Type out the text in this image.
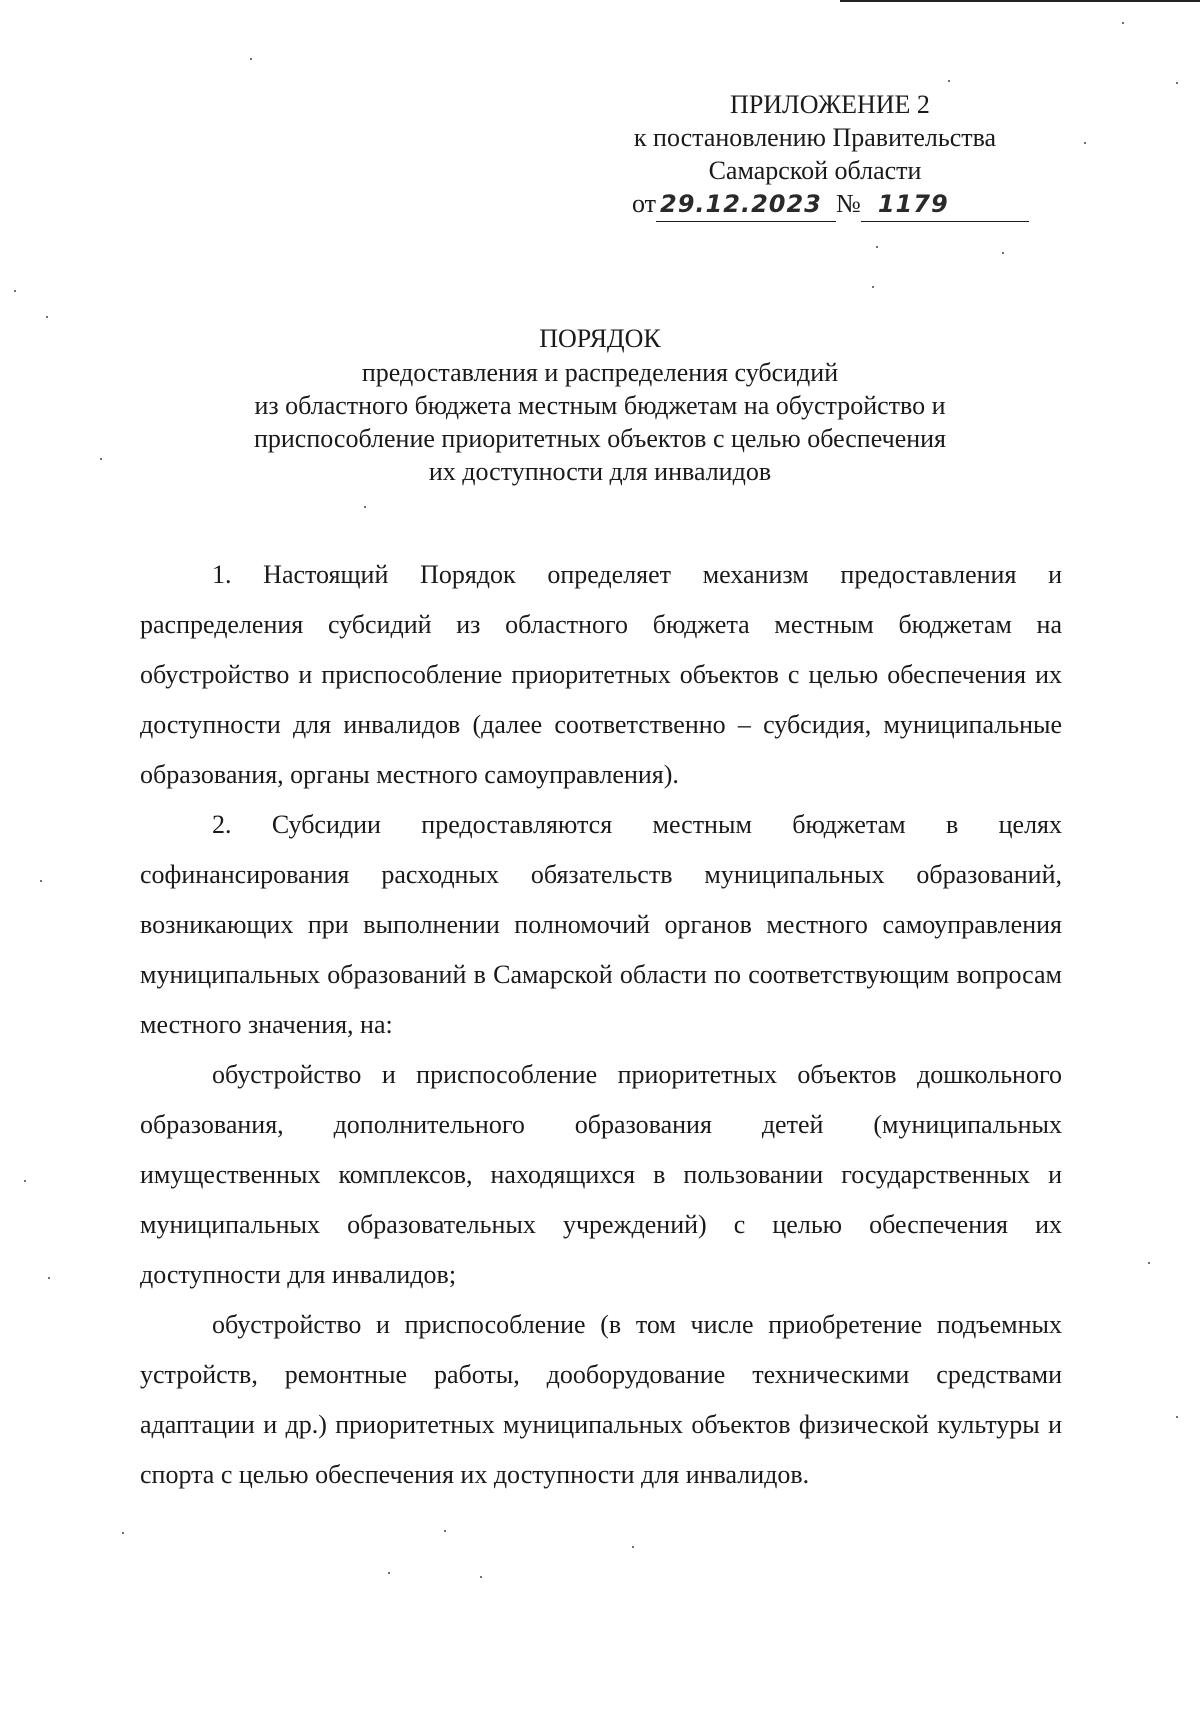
ПРИЛОЖЕНИЕ 2
к постановлению Правительства
Самарской области
от 29.12.2023 № 1179
ПОРЯДОК
предоставления и распределения субсидий
из областного бюджета местным бюджетам на обустройство и
приспособление приоритетных объектов с целью обеспечения
их доступности для инвалидов

1. Настоящий Порядок определяет механизм предоставления и распределения субсидий из областного бюджета местным бюджетам на обустройство и приспособление приоритетных объектов с целью обеспечения их доступности для инвалидов (далее соответственно – субсидия, муниципальные образования, органы местного самоуправления).

2. Субсидии предоставляются местным бюджетам в целях софинансирования расходных обязательств муниципальных образований, возникающих при выполнении полномочий органов местного самоуправления муниципальных образований в Самарской области по соответствующим вопросам местного значения, на:

обустройство и приспособление приоритетных объектов дошкольного образования, дополнительного образования детей (муниципальных имущественных комплексов, находящихся в пользовании государственных и муниципальных образовательных учреждений) с целью обеспечения их доступности для инвалидов;

обустройство и приспособление (в том числе приобретение подъемных устройств, ремонтные работы, дооборудование техническими средствами адаптации и др.) приоритетных муниципальных объектов физической культуры и спорта с целью обеспечения их доступности для инвалидов.
